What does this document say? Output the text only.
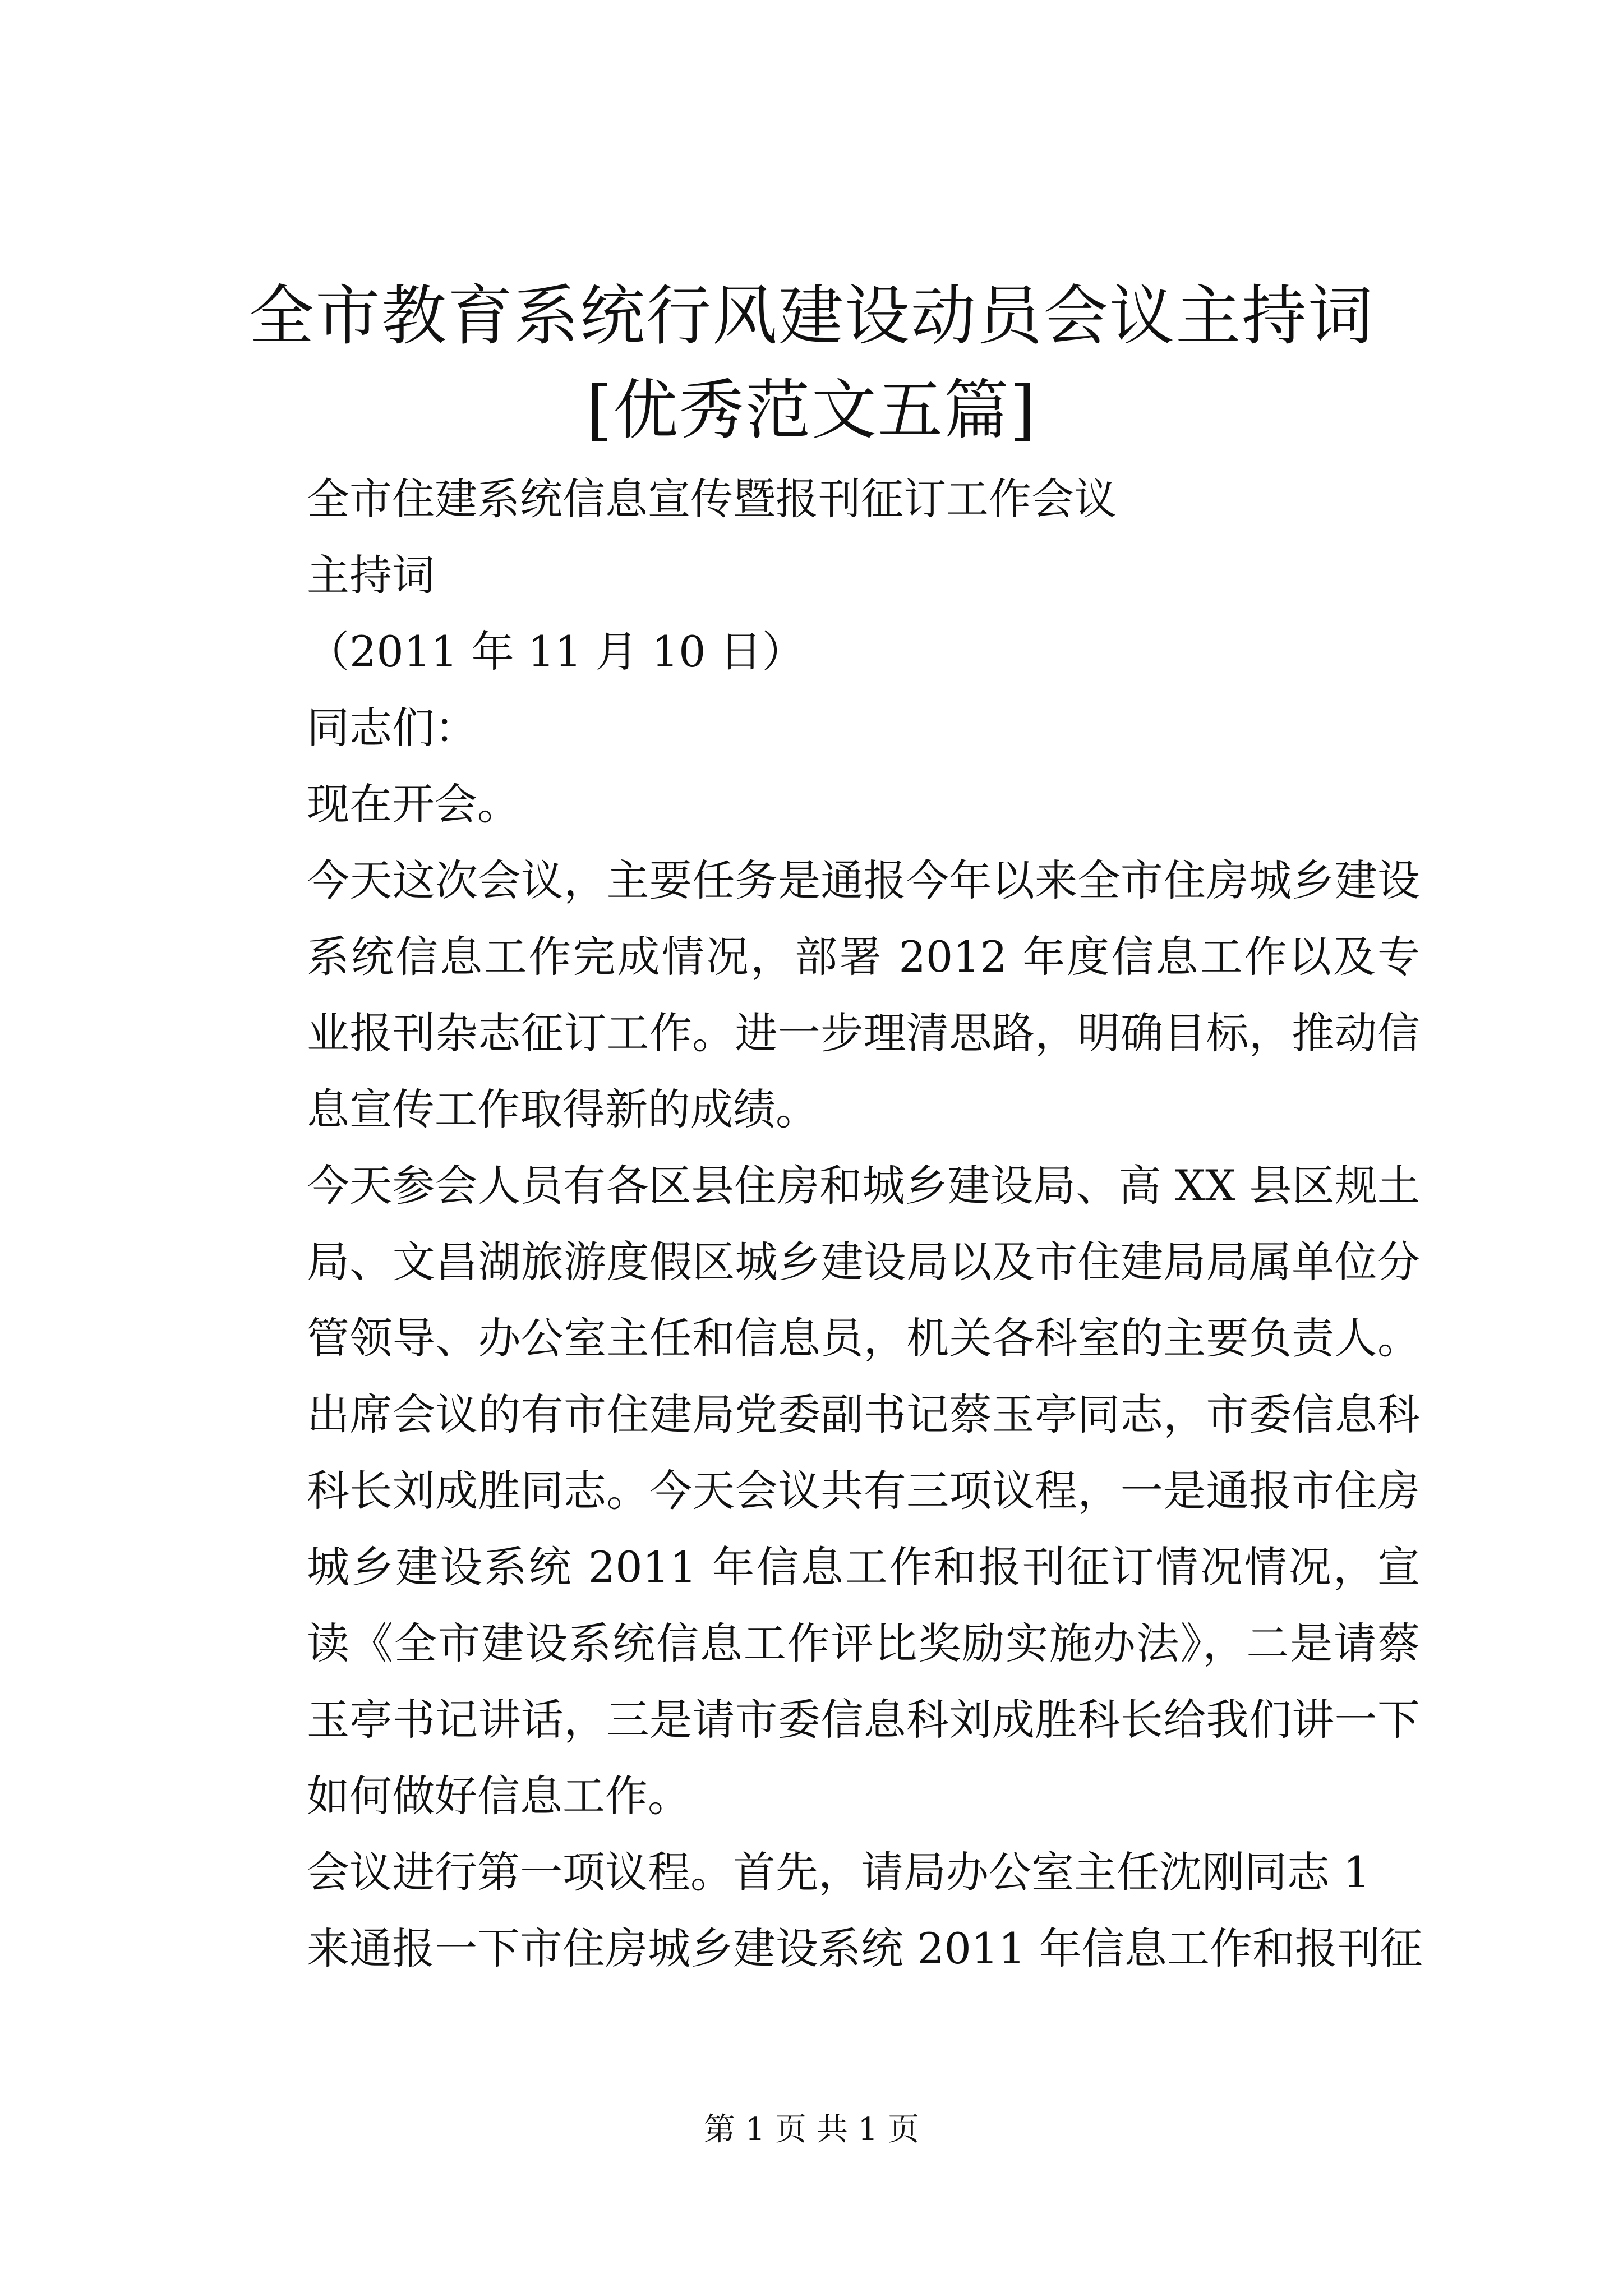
全市教育系统行风建设动员会议主持词[优秀范文五篇]

全市住建系统信息宣传暨报刊征订工作会议

主持词

（2011 年 11 月 10 日）

同志们：

现在开会。

今天这次会议，主要任务是通报今年以来全市住房城乡建设系统信息工作完成情况，部署 2012 年度信息工作以及专业报刊杂志征订工作。进一步理清思路，明确目标，推动信息宣传工作取得新的成绩。

今天参会人员有各区县住房和城乡建设局、高 XX 县区规土局、文昌湖旅游度假区城乡建设局以及市住建局局属单位分管领导、办公室主任和信息员，机关各科室的主要负责人。出席会议的有市住建局党委副书记蔡玉亭同志，市委信息科科长刘成胜同志。今天会议共有三项议程，一是通报市住房城乡建设系统 2011 年信息工作和报刊征订情况情况，宣读《全市建设系统信息工作评比奖励实施办法》，二是请蔡玉亭书记讲话，三是请市委信息科刘成胜科长给我们讲一下如何做好信息工作。

会议进行第一项议程。首先，请局办公室主任沈刚同志 1

来通报一下市住房城乡建设系统 2011 年信息工作和报刊征

第 1 页 共 1 页
